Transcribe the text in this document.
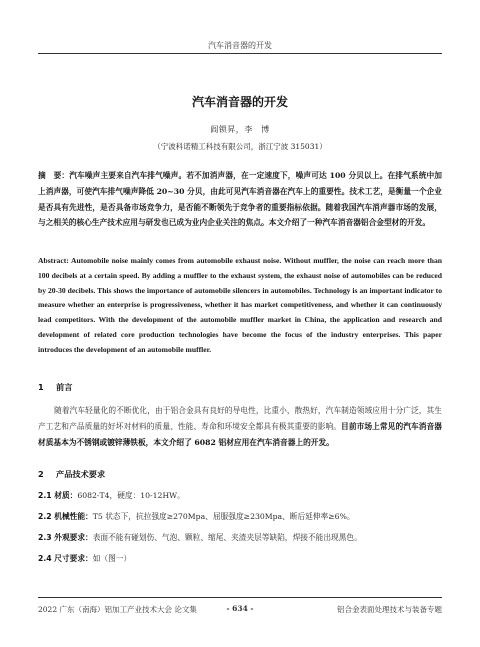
汽车消音器的开发
汽车消音器的开发
阎锁昇，李　博
（宁波科诺精工科技有限公司，浙江宁波 315031）
摘　要：汽车噪声主要来自汽车排气噪声。若不加消声器，在一定速度下，噪声可达 100 分贝以上。在排气系统中加上消声器，可使汽车排气噪声降低 20~30 分贝，由此可见汽车消音器在汽车上的重要性。技术工艺，是衡量一个企业是否具有先进性，是否具备市场竞争力，是否能不断领先于竞争者的重要指标依据。随着我国汽车消声器市场的发展，与之相关的核心生产技术应用与研发也已成为业内企业关注的焦点。本文介绍了一种汽车消音器铝合金型材的开发。
Abstract: Automobile noise mainly comes from automobile exhaust noise. Without muffler, the noise can reach more than 100 decibels at a certain speed. By adding a muffler to the exhaust system, the exhaust noise of automobiles can be reduced by 20-30 decibels. This shows the importance of automobile silencers in automobiles. Technology is an important indicator to measure whether an enterprise is progressiveness, whether it has market competitiveness, and whether it can continuously lead competitors. With the development of the automobile muffler market in China, the application and research and development of related core production technologies have become the focus of the industry enterprises. This paper introduces the development of an automobile muffler.
1 前言
随着汽车轻量化的不断优化，由于铝合金具有良好的导电性，比重小，散热好，汽车制造领域应用十分广泛，其生产工艺和产品质量的好坏对材料的质量、性能、寿命和环境安全都具有极其重要的影响。目前市场上常见的汽车消音器材质基本为不锈钢或镀锌薄铁板，本文介绍了 6082 铝材应用在汽车消音器上的开发。
2 产品技术要求
2.1 材质：6082-T4，硬度：10-12HW。
2.2 机械性能：T5 状态下，抗拉强度≥270Mpa、屈服强度≥230Mpa、断后延伸率≥6%。
2.3 外观要求：表面不能有碰划伤、气泡、颗粒、缩尾、夹渣夹层等缺陷，焊接不能出现黑色。
2.4 尺寸要求：如（图一）
2022 广东（南海）铝加工产业技术大会 论文集	- 634 -	铝合金表面处理技术与装备专题
